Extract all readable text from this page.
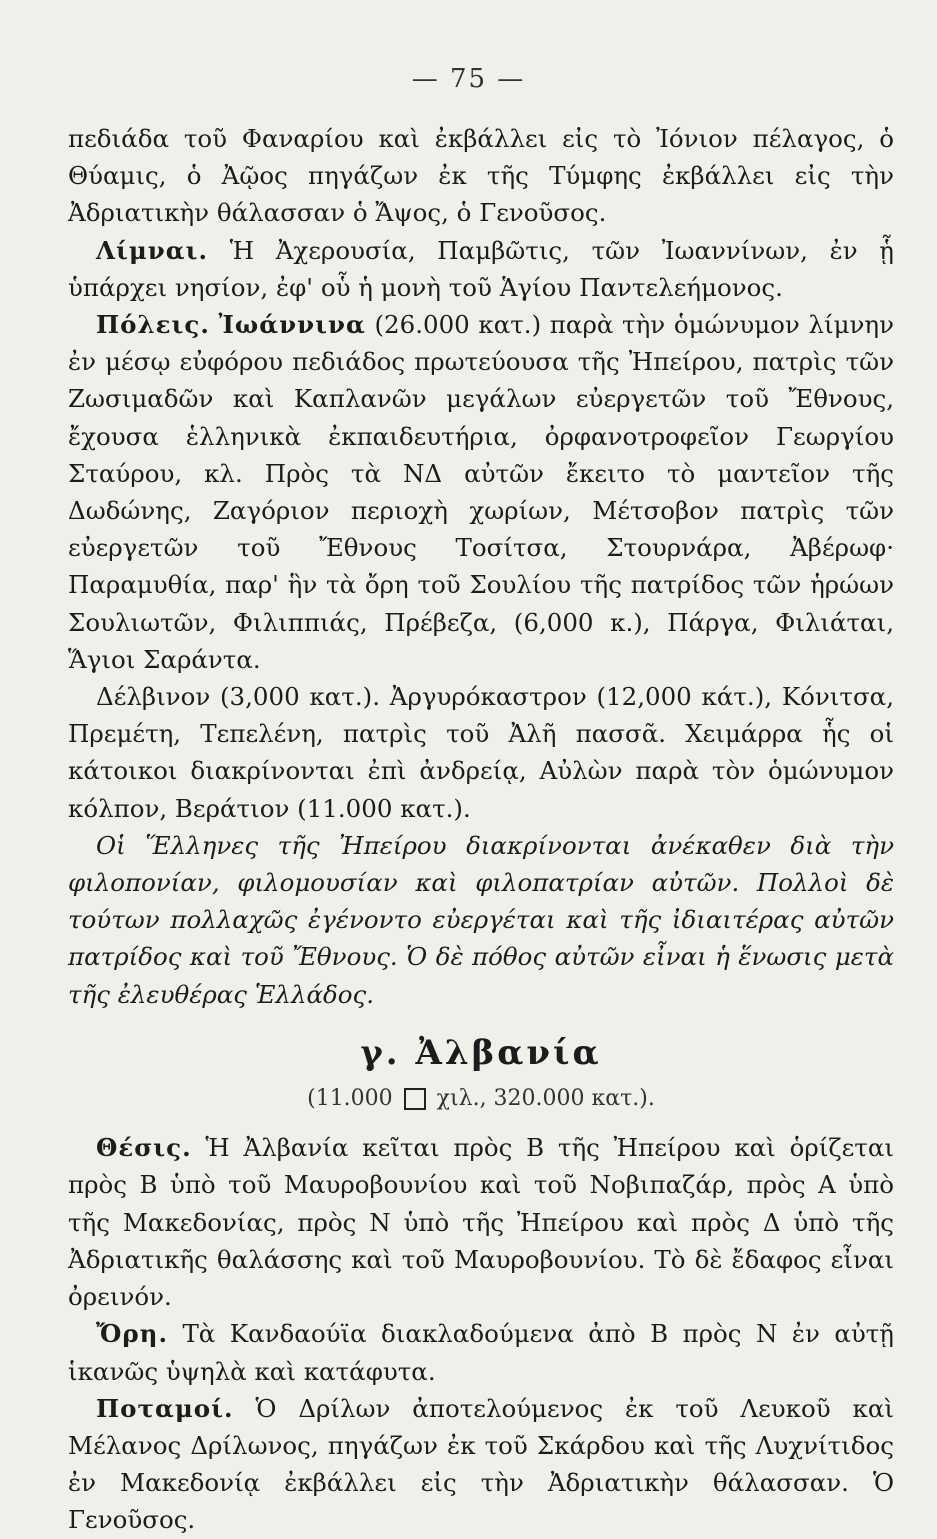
— 75 —

πεδιάδα τοῦ Φαναρίου καὶ ἐκβάλλει εἰς τὸ Ἰόνιον πέλαγος, ὁ Θύαμις, ὁ Ἀῷος πηγάζων ἐκ τῆς Τύμφης ἐκβάλλει εἰς τὴν Ἀδριατικὴν θάλασσαν ὁ Ἄψος, ὁ Γενοῦσος.

Λίμναι. Ἡ Ἀχερουσία, Παμβῶτις, τῶν Ἰωαννίνων, ἐν ᾗ ὑπάρχει νησίον, ἐφ' οὗ ἡ μονὴ τοῦ Ἁγίου Παντελεήμονος.

Πόλεις. Ἰωάννινα (26.000 κατ.) παρὰ τὴν ὁμώνυμον λίμνην ἐν μέσῳ εὐφόρου πεδιάδος πρωτεύουσα τῆς Ἠπείρου, πατρὶς τῶν Ζωσιμαδῶν καὶ Καπλανῶν μεγάλων εὐεργετῶν τοῦ Ἔθνους, ἔχουσα ἑλληνικὰ ἐκπαιδευτήρια, ὀρφανοτροφεῖον Γεωργίου Σταύρου, κλ. Πρὸς τὰ ΝΔ αὐτῶν ἔκειτο τὸ μαντεῖον τῆς Δωδώνης, Ζαγόριον περιοχὴ χωρίων, Μέτσοβον πατρὶς τῶν εὐεργετῶν τοῦ Ἔθνους Τοσίτσα, Στουρνάρα, Ἀβέρωφ· Παραμυθία, παρ' ἣν τὰ ὄρη τοῦ Σουλίου τῆς πατρίδος τῶν ἡρώων Σουλιωτῶν, Φιλιππιάς, Πρέβεζα, (6,000 κ.), Πάργα, Φιλιάται, Ἅγιοι Σαράντα.

Δέλβινον (3,000 κατ.). Ἀργυρόκαστρον (12,000 κάτ.), Κόνιτσα, Πρεμέτη, Τεπελένη, πατρὶς τοῦ Ἀλῆ πασσᾶ. Χειμάρρα ἧς οἱ κάτοικοι διακρίνονται ἐπὶ ἀνδρείᾳ, Αὐλὼν παρὰ τὸν ὁμώνυμον κόλπον, Βεράτιον (11.000 κατ.).

Οἱ Ἕλληνες τῆς Ἠπείρου διακρίνονται ἀνέκαθεν διὰ τὴν φιλοπονίαν, φιλομουσίαν καὶ φιλοπατρίαν αὐτῶν. Πολλοὶ δὲ τούτων πολλαχῶς ἐγένοντο εὐεργέται καὶ τῆς ἰδιαιτέρας αὐτῶν πατρίδος καὶ τοῦ Ἔθνους. Ὁ δὲ πόθος αὐτῶν εἶναι ἡ ἕνωσις μετὰ τῆς ἐλευθέρας Ἑλλάδος.

γ. Ἀλβανία
(11.000 χιλ., 320.000 κατ.).

Θέσις. Ἡ Ἀλβανία κεῖται πρὸς Β τῆς Ἠπείρου καὶ ὁρίζεται πρὸς Β ὑπὸ τοῦ Μαυροβουνίου καὶ τοῦ Νοβιπαζάρ, πρὸς Α ὑπὸ τῆς Μακεδονίας, πρὸς Ν ὑπὸ τῆς Ἠπείρου καὶ πρὸς Δ ὑπὸ τῆς Ἀδριατικῆς θαλάσσης καὶ τοῦ Μαυροβουνίου. Τὸ δὲ ἔδαφος εἶναι ὀρεινόν.

Ὄρη. Τὰ Κανδαούϊα διακλαδούμενα ἀπὸ Β πρὸς Ν ἐν αὐτῇ ἱκανῶς ὑψηλὰ καὶ κατάφυτα.

Ποταμοί. Ὁ Δρίλων ἀποτελούμενος ἐκ τοῦ Λευκοῦ καὶ Μέλανος Δρίλωνος, πηγάζων ἐκ τοῦ Σκάρδου καὶ τῆς Λυχνίτιδος ἐν Μακεδονίᾳ ἐκβάλλει εἰς τὴν Ἀδριατικὴν θάλασσαν. Ὁ Γενοῦσος.
